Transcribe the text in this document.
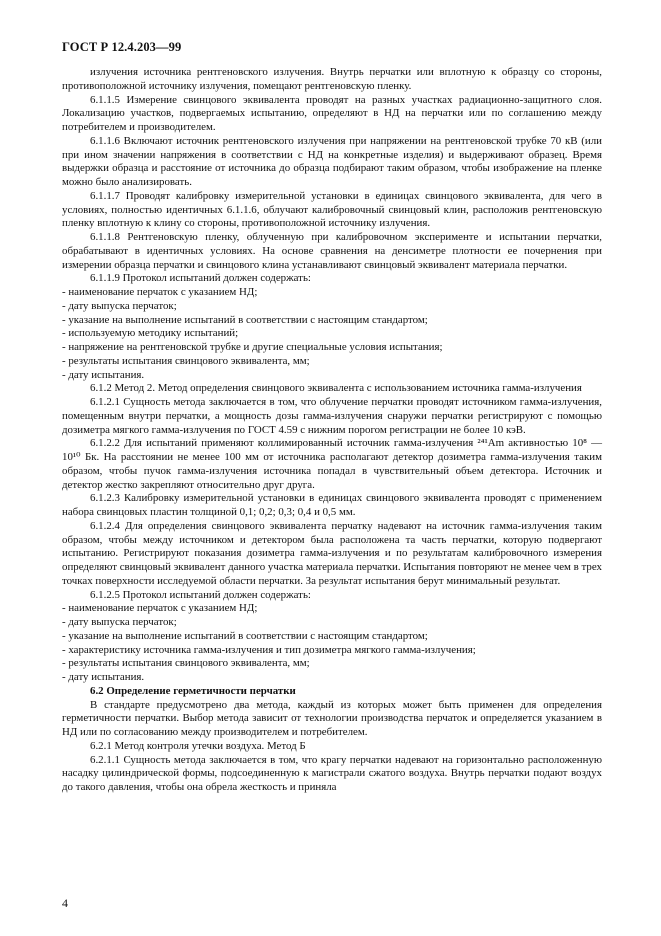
ГОСТ Р 12.4.203—99

излучения источника рентгеновского излучения. Внутрь перчатки или вплотную к образцу со стороны, противоположной источнику излучения, помещают рентгеновскую пленку.

6.1.1.5 Измерение свинцового эквивалента проводят на разных участках радиационно-защитного слоя. Локализацию участков, подвергаемых испытанию, определяют в НД на перчатки или по соглашению между потребителем и производителем.

6.1.1.6 Включают источник рентгеновского излучения при напряжении на рентгеновской трубке 70 кВ (или при ином значении напряжения в соответствии с НД на конкретные изделия) и выдерживают образец. Время выдержки образца и расстояние от источника до образца подбирают таким образом, чтобы изображение на пленке можно было анализировать.

6.1.1.7 Проводят калибровку измерительной установки в единицах свинцового эквивалента, для чего в условиях, полностью идентичных 6.1.1.6, облучают калибровочный свинцовый клин, расположив рентгеновскую пленку вплотную к клину со стороны, противоположной источнику излучения.

6.1.1.8 Рентгеновскую пленку, облученную при калибровочном эксперименте и испытании перчатки, обрабатывают в идентичных условиях. На основе сравнения на денсиметре плотности ее почернения при измерении образца перчатки и свинцового клина устанавливают свинцовый эквивалент материала перчатки.

6.1.1.9 Протокол испытаний должен содержать:

- наименование перчаток с указанием НД;

- дату выпуска перчаток;

- указание на выполнение испытаний в соответствии с настоящим стандартом;

- используемую методику испытаний;

- напряжение на рентгеновской трубке и другие специальные условия испытания;

- результаты испытания свинцового эквивалента, мм;

- дату испытания.

6.1.2 Метод 2. Метод определения свинцового эквивалента с использованием источника гамма-излучения

6.1.2.1 Сущность метода заключается в том, что облучение перчатки проводят источником гамма-излучения, помещенным внутри перчатки, а мощность дозы гамма-излучения снаружи перчатки регистрируют с помощью дозиметра мягкого гамма-излучения по ГОСТ 4.59 с нижним порогом регистрации не более 10 кэВ.

6.1.2.2 Для испытаний применяют коллимированный источник гамма-излучения ²⁴¹Am активностью 10⁸ — 10¹⁰ Бк. На расстоянии не менее 100 мм от источника располагают детектор дозиметра гамма-излучения таким образом, чтобы пучок гамма-излучения источника попадал в чувствительный объем детектора. Источник и детектор жестко закрепляют относительно друг друга.

6.1.2.3 Калибровку измерительной установки в единицах свинцового эквивалента проводят с применением набора свинцовых пластин толщиной 0,1; 0,2; 0,3; 0,4 и 0,5 мм.

6.1.2.4 Для определения свинцового эквивалента перчатку надевают на источник гамма-излучения таким образом, чтобы между источником и детектором была расположена та часть перчатки, которую подвергают испытанию. Регистрируют показания дозиметра гамма-излучения и по результатам калибровочного измерения определяют свинцовый эквивалент данного участка материала перчатки. Испытания повторяют не менее чем в трех точках поверхности исследуемой области перчатки. За результат испытания берут минимальный результат.

6.1.2.5 Протокол испытаний должен содержать:

- наименование перчаток с указанием НД;

- дату выпуска перчаток;

- указание на выполнение испытаний в соответствии с настоящим стандартом;

- характеристику источника гамма-излучения и тип дозиметра мягкого гамма-излучения;

- результаты испытания свинцового эквивалента, мм;

- дату испытания.

6.2 Определение герметичности перчатки

В стандарте предусмотрено два метода, каждый из которых может быть применен для определения герметичности перчатки. Выбор метода зависит от технологии производства перчаток и определяется указанием в НД или по согласованию между производителем и потребителем.

6.2.1 Метод контроля утечки воздуха. Метод Б

6.2.1.1 Сущность метода заключается в том, что крагу перчатки надевают на горизонтально расположенную насадку цилиндрической формы, подсоединенную к магистрали сжатого воздуха. Внутрь перчатки подают воздух до такого давления, чтобы она обрела жесткость и приняла

4
